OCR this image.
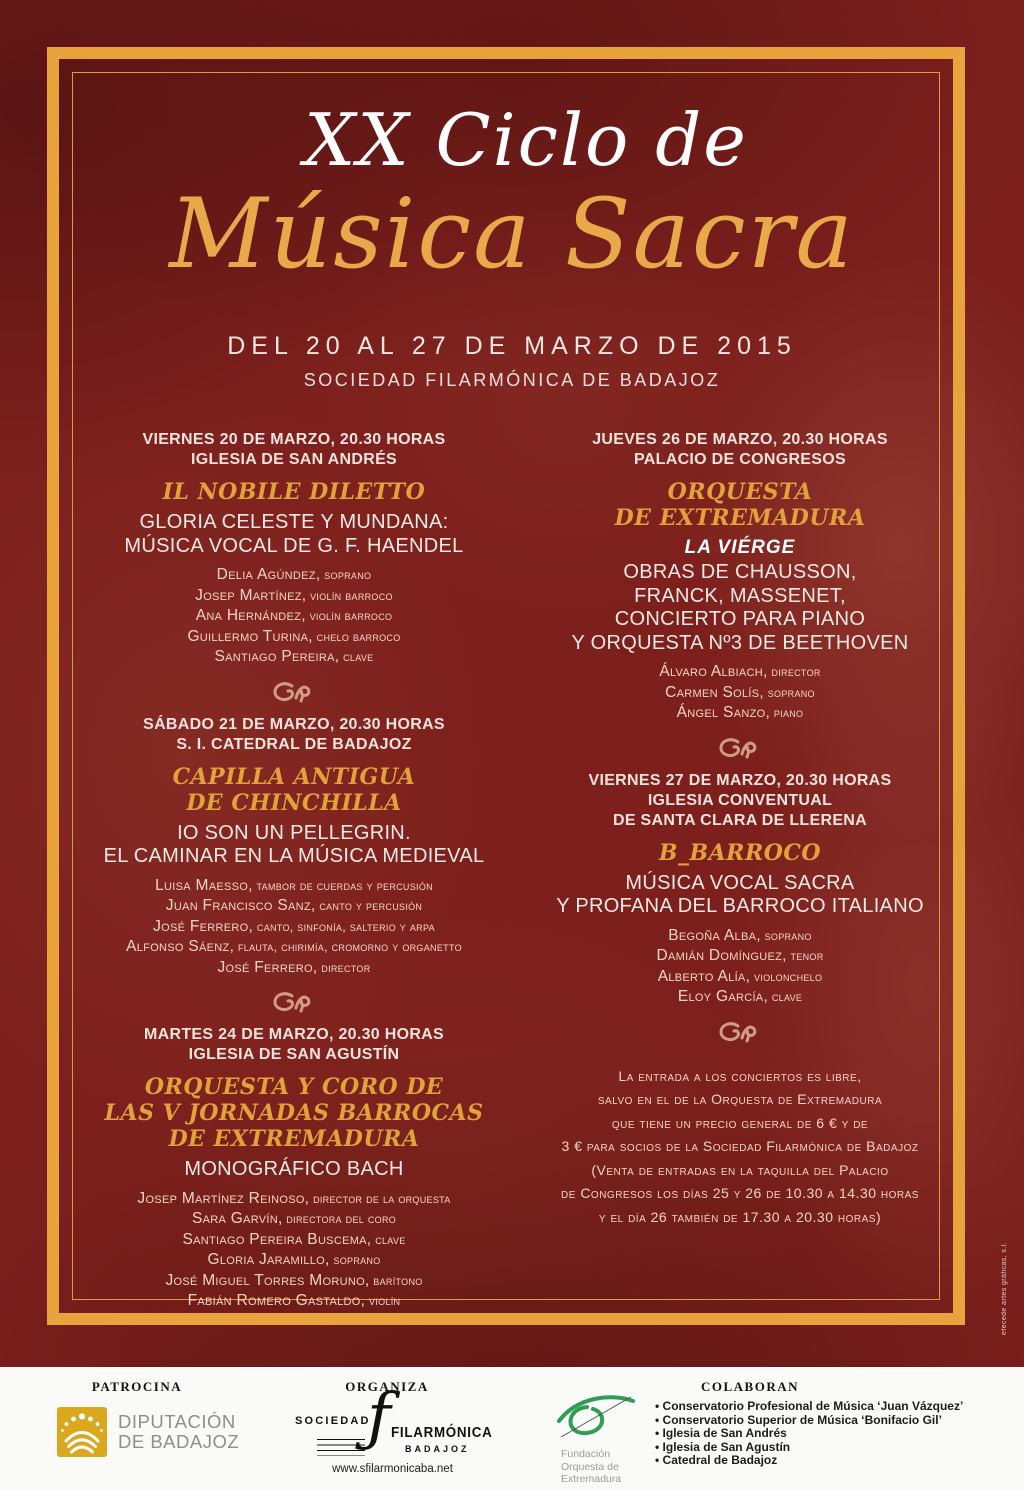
XX Ciclo de
Música Sacra
DEL 20 AL 27 DE MARZO DE 2015
SOCIEDAD FILARMÓNICA DE BADAJOZ
VIERNES 20 DE MARZO, 20.30 HORAS
IGLESIA DE SAN ANDRÉS
IL NOBILE DILETTO
GLORIA CELESTE Y MUNDANA:
MÚSICA VOCAL DE G. F. HAENDEL
Delia Agúndez, soprano
Josep Martínez, violín barroco
Ana Hernández, violín barroco
Guillermo Turina, chelo barroco
Santiago Pereira, clave
SÁBADO 21 DE MARZO, 20.30 HORAS
S. I. CATEDRAL DE BADAJOZ
CAPILLA ANTIGUA
DE CHINCHILLA
IO SON UN PELLEGRIN.
EL CAMINAR EN LA MÚSICA MEDIEVAL
Luisa Maesso, tambor de cuerdas y percusión
Juan Francisco Sanz, canto y percusión
José Ferrero, canto, sinfonía, salterio y arpa
Alfonso Sáenz, flauta, chirimía, cromorno y organetto
José Ferrero, director
MARTES 24 DE MARZO, 20.30 HORAS
IGLESIA DE SAN AGUSTÍN
ORQUESTA Y CORO DE
LAS V JORNADAS BARROCAS
DE EXTREMADURA
MONOGRÁFICO BACH
Josep Martínez Reinoso, director de la orquesta
Sara Garvín, directora del coro
Santiago Pereira Buscema, clave
Gloria Jaramillo, soprano
José Miguel Torres Moruno, barítono
Fabián Romero Gastaldo, violín
JUEVES 26 DE MARZO, 20.30 HORAS
PALACIO DE CONGRESOS
ORQUESTA
DE EXTREMADURA
LA VIÉRGE
OBRAS DE CHAUSSON,
FRANCK, MASSENET,
CONCIERTO PARA PIANO
Y ORQUESTA Nº3 DE BEETHOVEN
Álvaro Albiach, director
Carmen Solís, soprano
Ángel Sanzo, piano
VIERNES 27 DE MARZO, 20.30 HORAS
IGLESIA CONVENTUAL
DE SANTA CLARA DE LLERENA
B_BARROCO
MÚSICA VOCAL SACRA
Y PROFANA DEL BARROCO ITALIANO
Begoña Alba, soprano
Damián Domínguez, tenor
Alberto Alía, violonchelo
Eloy García, clave
La entrada a los conciertos es libre,
salvo en el de la Orquesta de Extremadura
que tiene un precio general de 6 € y de
3 € para socios de la Sociedad Filarmónica de Badajoz
(Venta de entradas en la taquilla del Palacio
de Congresos los días 25 y 26 de 10.30 a 14.30 horas
y el día 26 también de 17.30 a 20.30 horas)
efecede artes gráficas, s.l.
PATROCINA
DIPUTACIÓN
DE BADAJOZ
ORGANIZA
SOCIEDAD
ƒ FILARMÓNICA
BADAJOZ
www.sfilarmonicaba.net
Fundación
Orquesta de
Extremadura
COLABORAN
• Conservatorio Profesional de Música ‘Juan Vázquez’
• Conservatorio Superior de Música ‘Bonifacio Gil’
• Iglesia de San Andrés
• Iglesia de San Agustín
• Catedral de Badajoz
